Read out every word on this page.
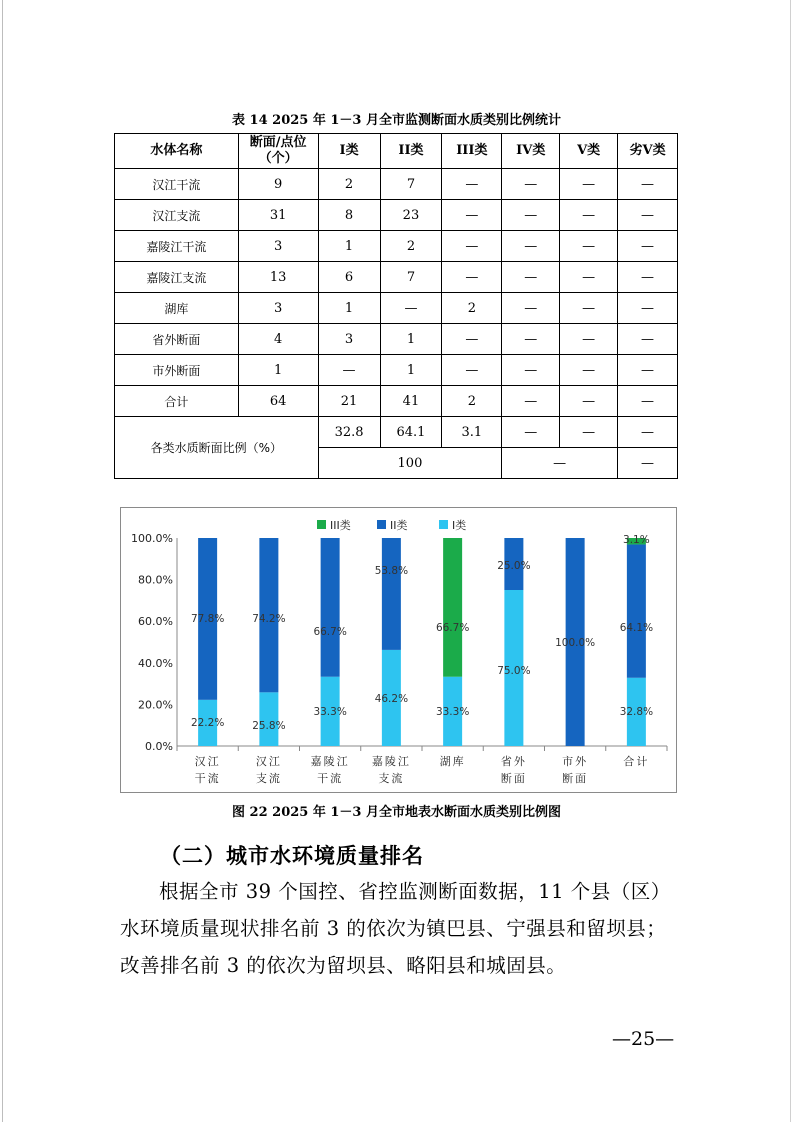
表 14 2025 年 1－3 月全市监测断面水质类别比例统计
水体名称	断面/点位（个）	I类	II类	III类	IV类	V类	劣V类
汉江干流	9	2	7	—	—	—	—
汉江支流	31	8	23	—	—	—	—
嘉陵江干流	3	1	2	—	—	—	—
嘉陵江支流	13	6	7	—	—	—	—
湖库	3	1	—	2	—	—	—
省外断面	4	3	1	—	—	—	—
市外断面	1	—	1	—	—	—	—
合计	64	21	41	2	—	—	—
各类水质断面比例（%）		32.8	64.1	3.1	—	—	—
		100			—		—
0.0%
20.0%
40.0%
60.0%
80.0%
100.0%
22.2%
77.8%
汉江
干流
25.8%
74.2%
汉江
支流
33.3%
66.7%
嘉陵江
干流
46.2%
53.8%
嘉陵江
支流
33.3%
66.7%
湖库
75.0%
25.0%
省外
断面
100.0%
市外
断面
32.8%
64.1%
3.1%
合计
III类	II类	I类
图 22 2025 年 1－3 月全市地表水断面水质类别比例图
（二）城市水环境质量排名

根据全市 39 个国控、省控监测断面数据，11 个县（区）

水环境质量现状排名前 3 的依次为镇巴县、宁强县和留坝县；

改善排名前 3 的依次为留坝县、略阳县和城固县。

—25—
